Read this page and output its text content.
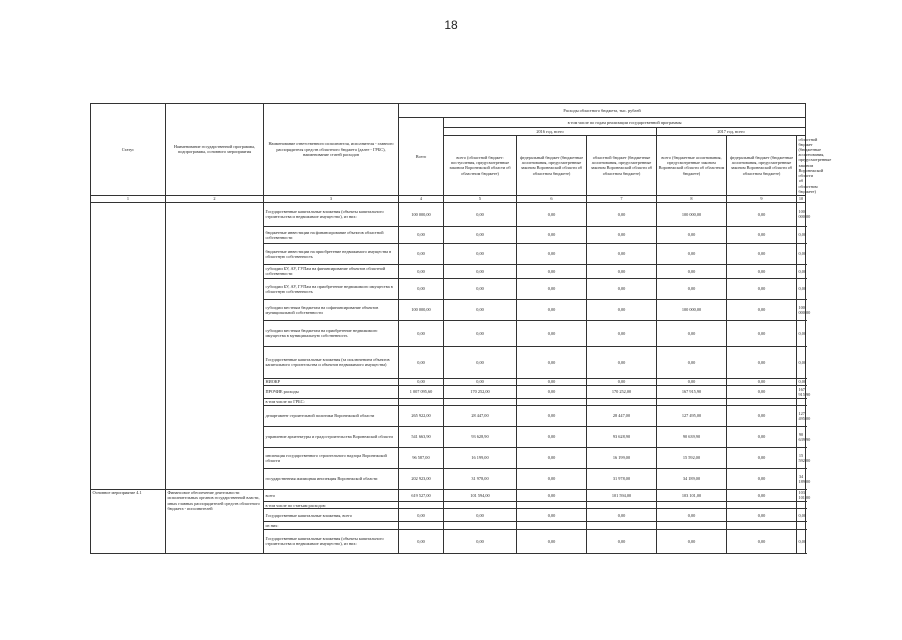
18
Статус	Наименование государственной программы, подпрограммы, основного мероприятия	Наименование ответственного исполнителя, исполнителя - главного распорядителя средств областного бюджета (далее - ГРБС), наименование статей расходов	Расходы областного бюджета, тыс. рублей						
			Всего	в том числе по годам реализации государственной программы					
				2016 год, всего			2017 год, всего		
				всего (областной бюджет: поступления, предусмотренные законом Воронежской области об областном бюджете)	федеральный бюджет (бюджетные ассигнования, предусмотренные законом Воронежской области об областном бюджете)	областной бюджет (бюджетные ассигнования, предусмотренные законом Воронежской области об областном бюджете)	всего (бюджетные ассигнования, предусмотренные законом Воронежской области об областном бюджете)	федеральный бюджет (бюджетные ассигнования, предусмотренные законом Воронежской области об областном бюджете)	областной бюджет (бюджетные ассигнования, предусмотренные законом Воронежской области об областном бюджете)
1	2	3	4	5	6	7	8	9	10
		Государственные капитальные вложения (объекты капитального строительства и недвижимое имущество), из них:	100 000,00	0,00	0,00	0,00	100 000,00	0,00	100 000,00
		бюджетные инвестиции на финансирование объектов областной собственности	0,00	0,00	0,00	0,00	0,00	0,00	0,00
		бюджетные инвестиции на приобретение недвижимого имущества в областную собственность	0,00	0,00	0,00	0,00	0,00	0,00	0,00
		субсидии БУ, АУ, ГУПам на финансирование объектов областной собственности	0,00	0,00	0,00	0,00	0,00	0,00	0,00
		субсидии БУ, АУ, ГУПам на приобретение недвижимого имущества в областную собственность	0,00	0,00	0,00	0,00	0,00	0,00	0,00
		субсидии местным бюджетам на софинансирование объектов муниципальной собственности	100 000,00	0,00	0,00	0,00	100 000,00	0,00	100 000,00
		субсидии местным бюджетам на приобретение недвижимого имущества в муниципальную собственность	0,00	0,00	0,00	0,00	0,00	0,00	0,00
		Государственные капитальные вложения (за исключением объектов капитального строительства и объектов недвижимого имущества)	0,00	0,00	0,00	0,00	0,00	0,00	0,00
		НИОКР	0,00	0,00	0,00	0,00	0,00	0,00	0,00
		ПРОЧИЕ расходы	1 007 095,60	170 252,00	0,00	170 252,00	167 915,90	0,00	167 915,90
		в том числе по ГРБС:							
		департамент строительной политики Воронежской области	265 922,00	28 447,00	0,00	28 447,00	127 495,00	0,00	127 495,00
		управление архитектуры и градостроительства Воронежской области	541 663,90	93 628,90	0,00	93 628,90	90 639,90	0,00	90 639,90
		инспекция государственного строительного надзора Воронежской области	96 587,00	16 199,00	0,00	16 199,00	15 592,00	0,00	15 592,00
		государственная жилищная инспекция Воронежской области	202 923,00	31 978,00	0,00	31 978,00	34 189,00	0,00	34 189,00
Основное мероприятие 4.1	Финансовое обеспечение деятельности исполнительных органов государственной власти, иных главных распорядителей средств областного бюджета - исполнителей	всего	619 527,00	101 594,00	0,00	101 594,00	103 101,00	0,00	103 101,00
		в том числе по статьям расходов:							
		Государственные капитальные вложения, всего	0,00	0,00	0,00	0,00	0,00	0,00	0,00
		из них:							
		Государственные капитальные вложения (объекты капитального строительства и недвижимое имущество), из них:	0,00	0,00	0,00	0,00	0,00	0,00	0,00
